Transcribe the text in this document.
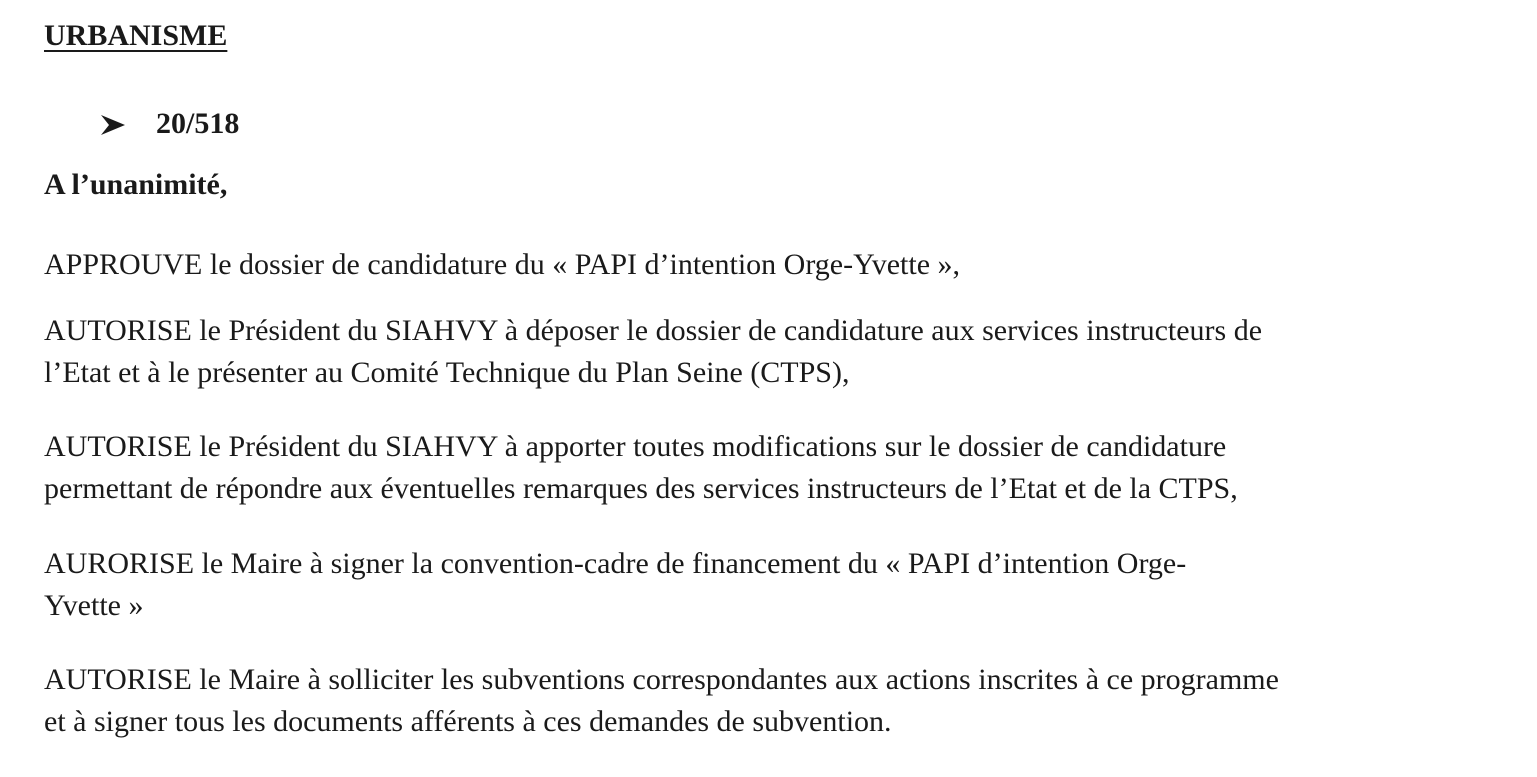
URBANISME
20/518

A l’unanimité,

APPROUVE le dossier de candidature du « PAPI d’intention Orge-Yvette »,

AUTORISE le Président du SIAHVY à déposer le dossier de candidature aux services instructeurs de
l’Etat et à le présenter au Comité Technique du Plan Seine (CTPS),

AUTORISE le Président du SIAHVY à apporter toutes modifications sur le dossier de candidature
permettant de répondre aux éventuelles remarques des services instructeurs de l’Etat et de la CTPS,

AURORISE le Maire à signer la convention-cadre de financement du « PAPI d’intention Orge-
Yvette »

AUTORISE le Maire à solliciter les subventions correspondantes aux actions inscrites à ce programme
et à signer tous les documents afférents à ces demandes de subvention.
